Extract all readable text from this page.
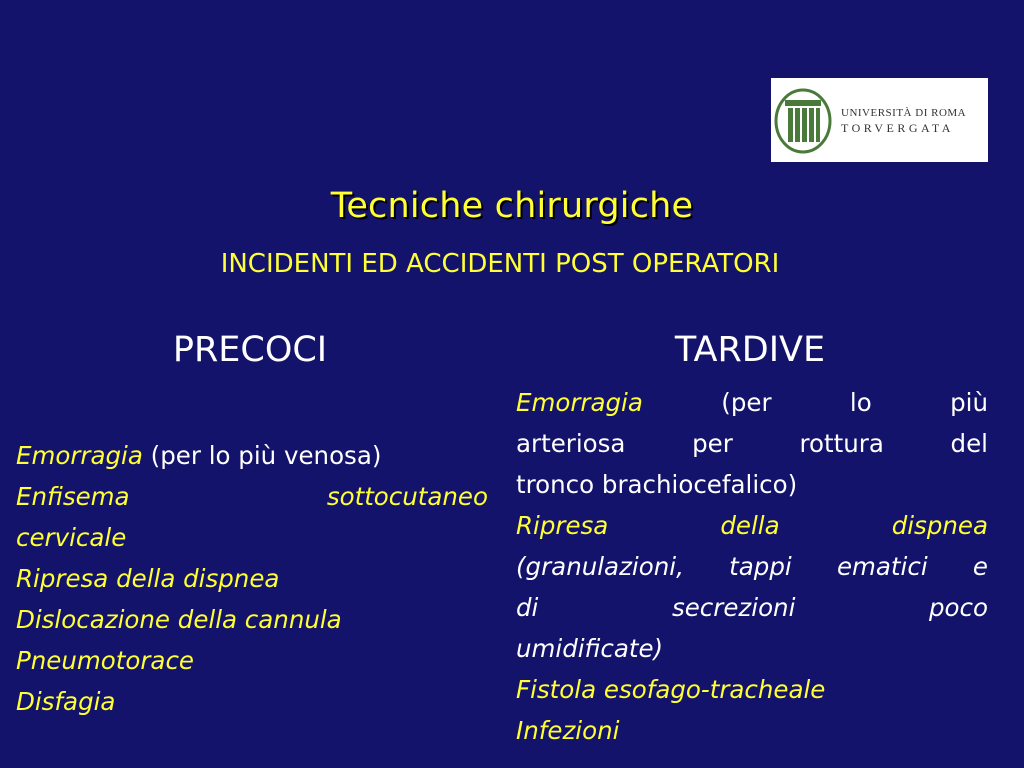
UNIVERSITÀ DI ROMA
TORVERGATA
Tecniche chirurgiche
INCIDENTI ED ACCIDENTI POST OPERATORI
PRECOCI	TARDIVE
Emorragia (per lo più venosa)
Enfisema	sottocutaneo
cervicale
Ripresa della dispnea
Dislocazione della cannula
Pneumotorace
Disfagia
Emorragia	(per lo più
arteriosa per rottura del
tronco brachiocefalico)
Ripresa della dispnea
(granulazioni, tappi ematici e
di secrezioni poco
umidificate)
Fistola esofago-tracheale
Infezioni
